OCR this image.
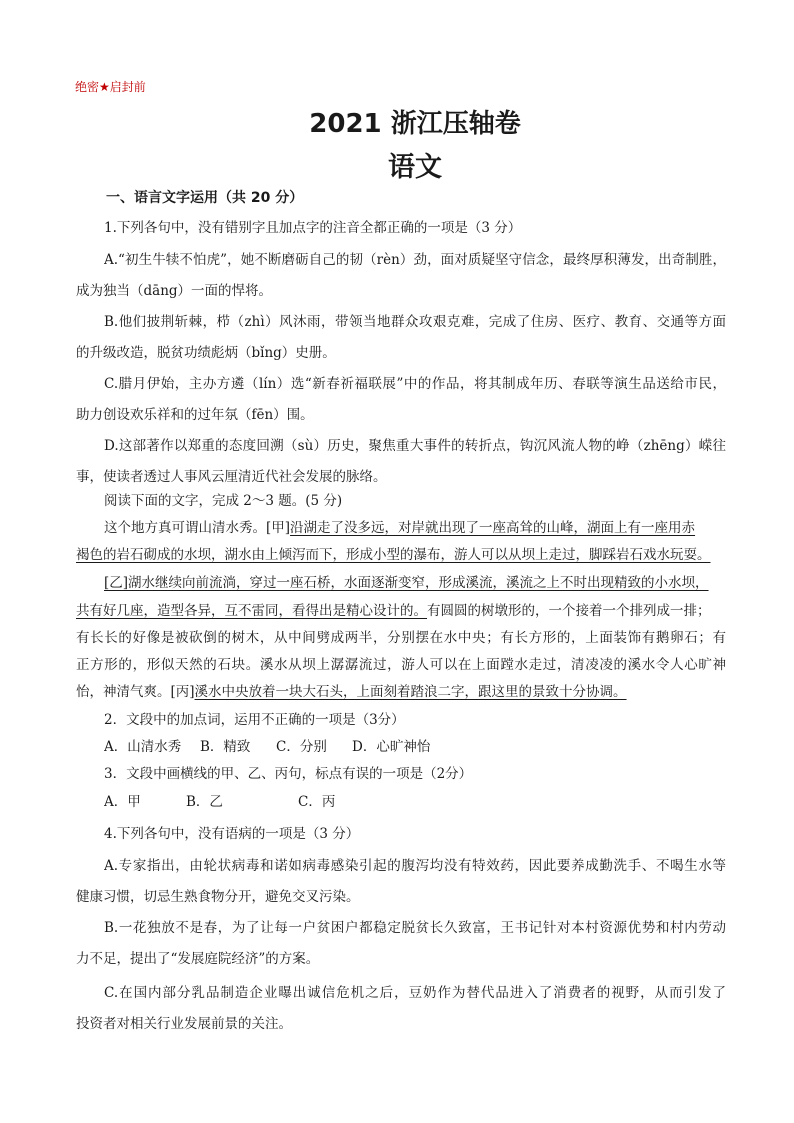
绝密★启封前
2021 浙江压轴卷
语文
一、语言文字运用（共 20 分）
1.下列各句中，没有错别字且加点字的注音全都正确的一项是（3 分）
A.“初生牛犊不怕虎”，她不断磨砺自己的韧（rèn）劲，面对质疑坚守信念，最终厚积薄发，出奇制胜，
成为独当（dāng）一面的悍将。
B.他们披荆斩棘，栉（zhì）风沐雨，带领当地群众攻艰克难，完成了住房、医疗、教育、交通等方面
的升级改造，脱贫功绩彪炳（bǐng）史册。
C.腊月伊始，主办方遴（lín）选“新春祈福联展”中的作品，将其制成年历、春联等演生品送给市民，
助力创设欢乐祥和的过年氛（fēn）围。
D.这部著作以郑重的态度回溯（sù）历史，聚焦重大事件的转折点，钩沉风流人物的峥（zhēng）嵘往
事，使读者透过人事风云厘清近代社会发展的脉络。
阅读下面的文字，完成 2～3 题。(5 分)
这个地方真可谓山清水秀。[甲]沿湖走了没多远，对岸就出现了一座高耸的山峰，湖面上有一座用赤
褐色的岩石砌成的水坝，湖水由上倾泻而下，形成小型的瀑布，游人可以从坝上走过，脚踩岩石戏水玩耍。
[乙]湖水继续向前流淌，穿过一座石桥，水面逐渐变窄，形成溪流，溪流之上不时出现精致的小水坝，
共有好几座，造型各异，互不雷同，看得出是精心设计的。有圆圆的树墩形的，一个接着一个排列成一排；
有长长的好像是被砍倒的树木，从中间劈成两半，分别摆在水中央；有长方形的，上面装饰有鹅卵石；有
正方形的，形似天然的石块。溪水从坝上潺潺流过，游人可以在上面蹚水走过，清凌凌的溪水令人心旷神
怡，神清气爽。[丙]溪水中央放着一块大石头，上面刻着踏浪二字，跟这里的景致十分协调。
2．文段中的加点词，运用不正确的一项是（3分）
A．山清水秀 B．精致 C．分别 D．心旷神怡
3．文段中画横线的甲、乙、丙句，标点有误的一项是（2分）
A．甲	B．乙	C．丙
4.下列各句中，没有语病的一项是（3 分）
A.专家指出，由轮状病毒和诺如病毒感染引起的腹泻均没有特效药，因此要养成勤洗手、不喝生水等
健康习惯，切忌生熟食物分开，避免交叉污染。
B.一花独放不是春，为了让每一户贫困户都稳定脱贫长久致富，王书记针对本村资源优势和村内劳动
力不足，提出了“发展庭院经济”的方案。
C.在国内部分乳品制造企业曝出诚信危机之后，豆奶作为替代品进入了消费者的视野，从而引发了
投资者对相关行业发展前景的关注。
